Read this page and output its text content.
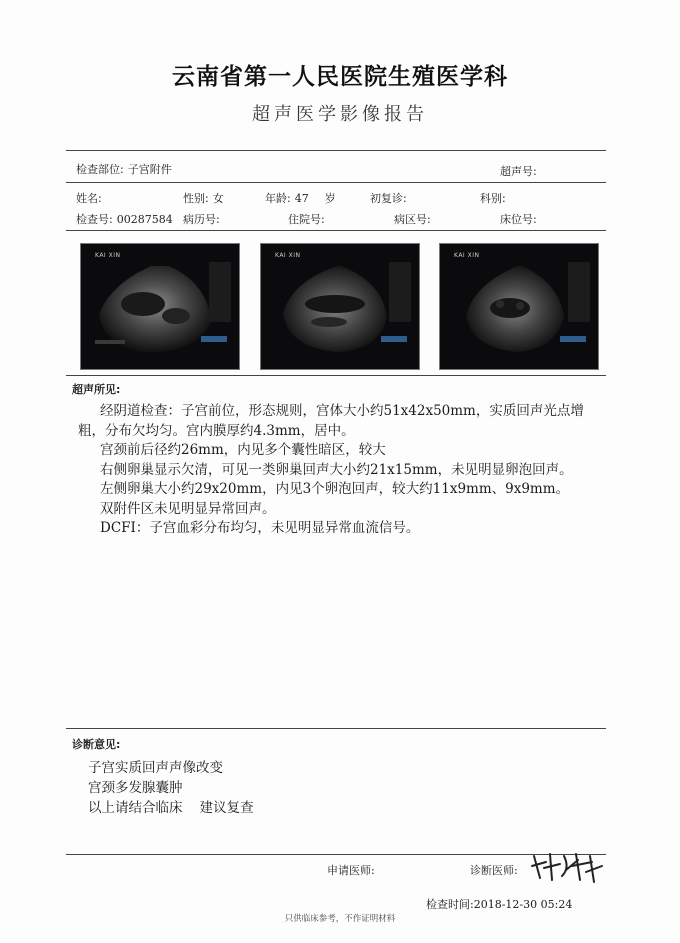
云南省第一人民医院生殖医学科
超声医学影像报告
检查部位: 子宫附件	超声号:
姓名:	性别: 女	年龄: 47 岁	初复诊:	科别:
检查号: 00287584 病历号:	住院号:	病区号:	床位号:
KAI XIN	KAI XIN	KAI XIN
超声所见:

经阴道检查：子宫前位，形态规则，宫体大小约51x42x50mm，实质回声光点增粗，分布欠均匀。宫内膜厚约4.3mm，居中。

宫颈前后径约26mm，内见多个囊性暗区，较大

右侧卵巢显示欠清，可见一类卵巢回声大小约21x15mm，未见明显卵泡回声。

左侧卵巢大小约29x20mm，内见3个卵泡回声，较大约11x9mm、9x9mm。

双附件区未见明显异常回声。

DCFI：子宫血彩分布均匀，未见明显异常血流信号。

诊断意见:

子宫实质回声声像改变

宫颈多发腺囊肿

以上请结合临床    建议复查

申请医师:	诊断医师:
检查时间:2018-12-30 05:24
只供临床参考，不作证明材料
